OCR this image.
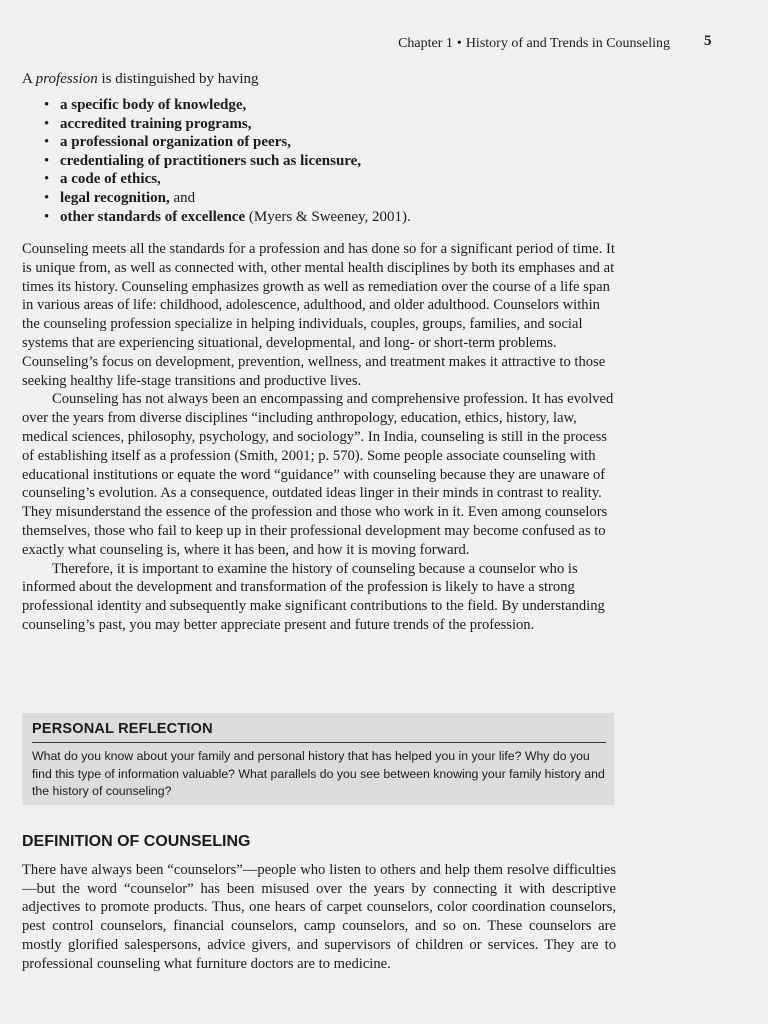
Chapter 1 • History of and Trends in Counseling 5

A profession is distinguished by having

• a specific body of knowledge,
• accredited training programs,
• a professional organization of peers,
• credentialing of practitioners such as licensure,
• a code of ethics,
• legal recognition, and
• other standards of excellence (Myers & Sweeney, 2001).

Counseling meets all the standards for a profession and has done so for a significant period of time. It is unique from, as well as connected with, other mental health disciplines by both its emphases and at times its history. Counseling emphasizes growth as well as remediation over the course of a life span in various areas of life: childhood, adolescence, adulthood, and older adulthood. Counselors within the counseling profession specialize in helping individuals, couples, groups, families, and social systems that are experiencing situational, developmental, and long- or short-term problems. Counseling’s focus on development, prevention, wellness, and treatment makes it attractive to those seeking healthy life-stage transitions and productive lives.

Counseling has not always been an encompassing and comprehensive profession. It has evolved over the years from diverse disciplines “including anthropology, education, ethics, history, law, medical sciences, philosophy, psychology, and sociology”. In India, counseling is still in the process of establishing itself as a profession (Smith, 2001; p. 570). Some people associate counseling with educational institutions or equate the word “guidance” with counseling because they are unaware of counseling’s evolution. As a consequence, outdated ideas linger in their minds in contrast to reality. They misunderstand the essence of the profession and those who work in it. Even among counselors themselves, those who fail to keep up in their professional development may become confused as to exactly what counseling is, where it has been, and how it is moving forward.

Therefore, it is important to examine the history of counseling because a counselor who is informed about the development and transformation of the profession is likely to have a strong professional identity and subsequently make significant contributions to the field. By understanding counseling’s past, you may better appreciate present and future trends of the profession.

PERSONAL REFLECTION

What do you know about your family and personal history that has helped you in your life? Why do you find this type of information valuable? What parallels do you see between knowing your family history and the history of counseling?

DEFINITION OF COUNSELING

There have always been “counselors”—people who listen to others and help them resolve difficulties—but the word “counselor” has been misused over the years by connecting it with descriptive adjectives to promote products. Thus, one hears of carpet counselors, color coordination counselors, pest control counselors, financial counselors, camp counselors, and so on. These counselors are mostly glorified salespersons, advice givers, and supervisors of children or services. They are to professional counseling what furniture doctors are to medicine.
